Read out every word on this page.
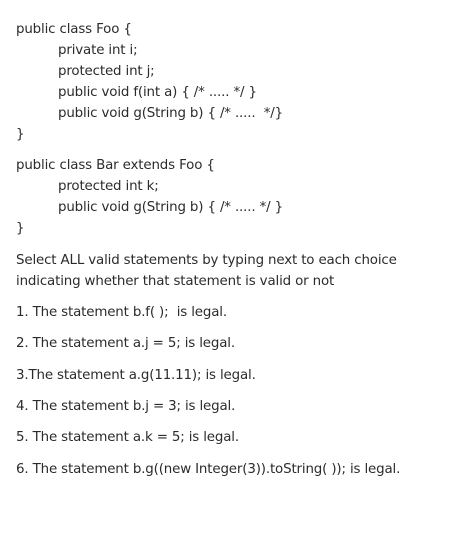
public class Foo {
private int i;
protected int j;
public void f(int a) { /* ..... */ }
public void g(String b) { /* .....  */}
}
public class Bar extends Foo {
protected int k;
public void g(String b) { /* ..... */ }
}
Select ALL valid statements by typing next to each choice indicating whether that statement is valid or not
1. The statement b.f( );  is legal.
2. The statement a.j = 5; is legal.
3.The statement a.g(11.11); is legal.
4. The statement b.j = 3; is legal.
5. The statement a.k = 5; is legal.
6. The statement b.g((new Integer(3)).toString( )); is legal.
